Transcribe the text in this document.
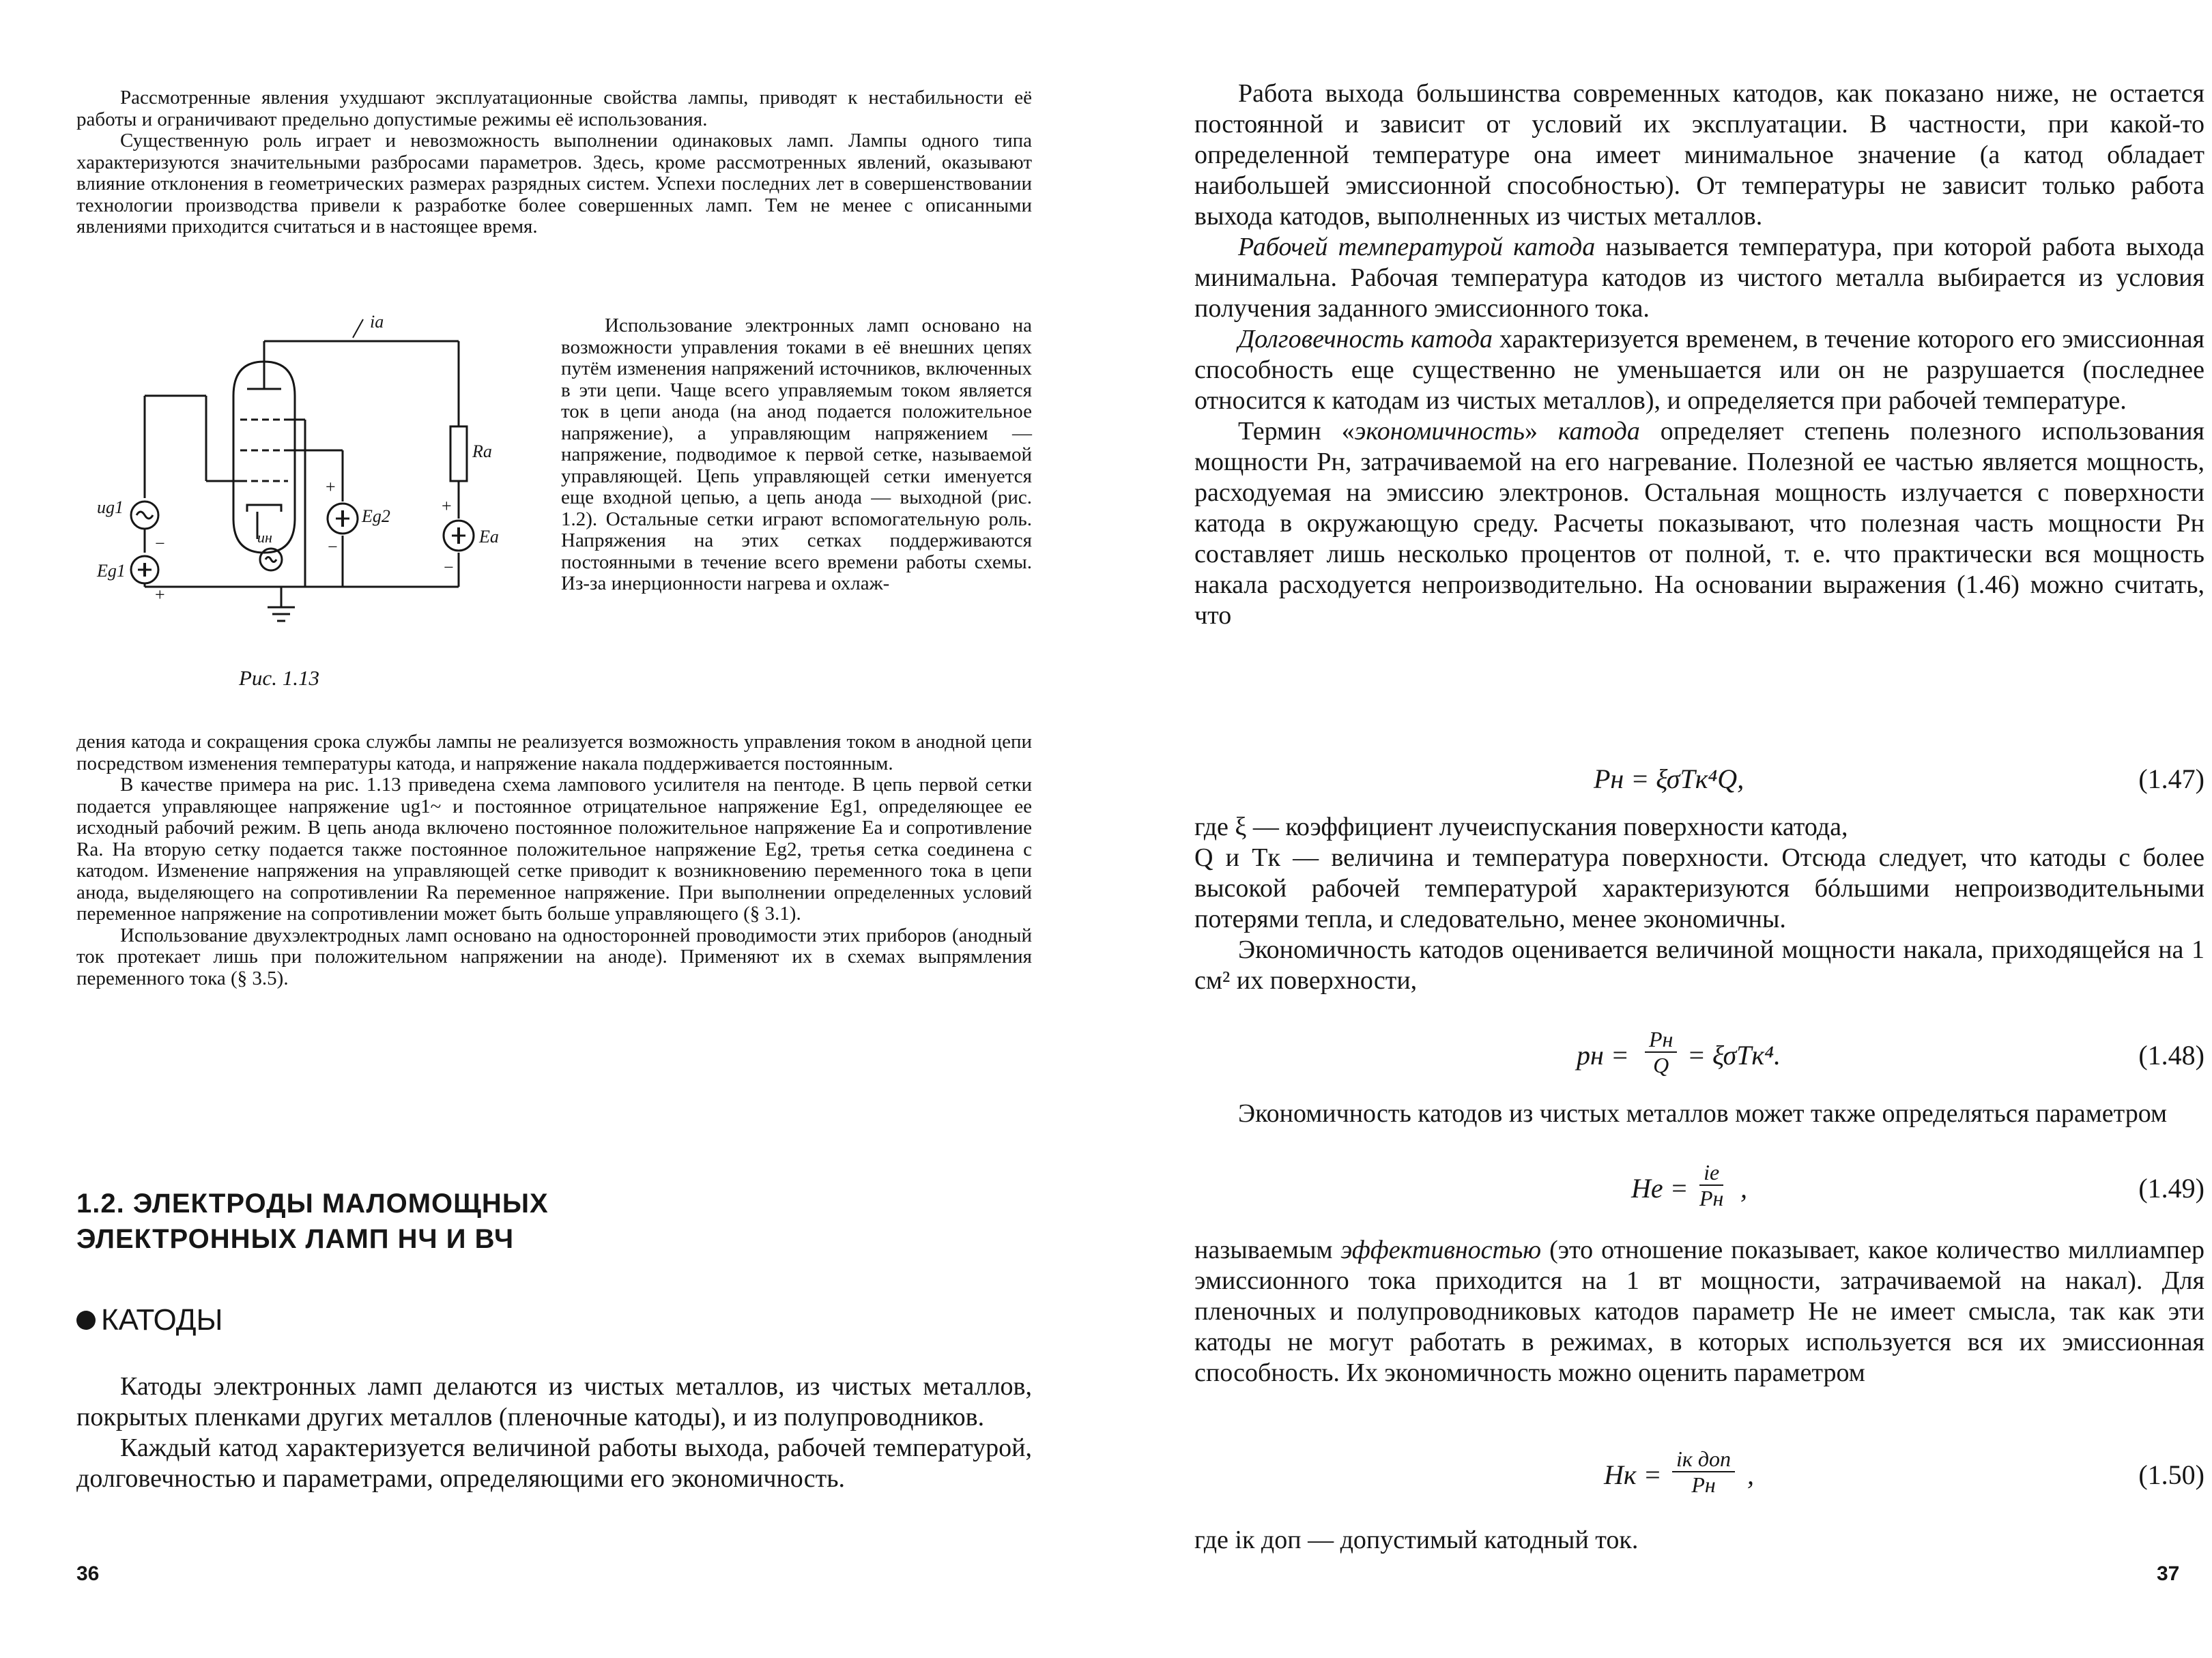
Рассмотренные явления ухудшают эксплуатационные свойства лампы, приводят к нестабильности её работы и ограничивают предельно допустимые режимы её использования.

Существенную роль играет и невозможность выполнении одинаковых ламп. Лампы одного типа характеризуются значительными разбросами параметров. Здесь, кроме рассмотренных явлений, оказывают влияние отклонения в геометрических размерах разрядных систем. Успехи последних лет в совершенствовании технологии производства привели к разработке более совершенных ламп. Тем не менее с описанными явлениями приходится считаться и в настоящее время.

iа
Rа
Eа
Eg2
ug1
Eg1
uн
+
−
+
−
−
+
Рис. 1.13

Использование электронных ламп основано на возможности управления токами в её внешних цепях путём изменения напряжений источников, включенных в эти цепи. Чаще всего управляемым током является ток в цепи анода (на анод подается положительное напряжение), а управляющим напряжением — напряжение, подводимое к первой сетке, называемой управляющей. Цепь управляющей сетки именуется еще входной цепью, а цепь анода — выходной (рис. 1.2). Остальные сетки играют вспомогательную роль. Напряжения на этих сетках поддерживаются постоянными в течение всего времени работы схемы. Из-за инерционности нагрева и охлаж-

дения катода и сокращения срока службы лампы не реализуется возможность управления током в анодной цепи посредством изменения температуры катода, и напряжение накала поддерживается постоянным.

В качестве примера на рис. 1.13 приведена схема лампового усилителя на пентоде. В цепь первой сетки подается управляющее напряжение ug1~ и постоянное отрицательное напряжение Eg1, определяющее ее исходный рабочий режим. В цепь анода включено постоянное положительное напряжение Eа и сопротивление Rа. На вторую сетку подается также постоянное положительное напряжение Eg2, третья сетка соединена с катодом. Изменение напряжения на управляющей сетке приводит к возникновению переменного тока в цепи анода, выделяющего на сопротивлении Rа переменное напряжение. При выполнении определенных условий переменное напряжение на сопротивлении может быть больше управляющего (§ 3.1).

Использование двухэлектродных ламп основано на односторонней проводимости этих приборов (анодный ток протекает лишь при положительном напряжении на аноде). Применяют их в схемах выпрямления переменного тока (§ 3.5).

1.2. ЭЛЕКТРОДЫ МАЛОМОЩНЫХ
ЭЛЕКТРОННЫХ ЛАМП НЧ И ВЧ
КАТОДЫ

Катоды электронных ламп делаются из чистых металлов, из чистых металлов, покрытых пленками других металлов (пленочные катоды), и из полупроводников.

Каждый катод характеризуется величиной работы выхода, рабочей температурой, долговечностью и параметрами, определяющими его экономичность.

36

Работа выхода большинства современных катодов, как показано ниже, не остается постоянной и зависит от условий их эксплуатации. В частности, при какой-то определенной температуре она имеет минимальное значение (а катод обладает наибольшей эмиссионной способностью). От температуры не зависит только работа выхода катодов, выполненных из чистых металлов.

Рабочей температурой катода называется температура, при которой работа выхода минимальна. Рабочая температура катодов из чистого металла выбирается из условия получения заданного эмиссионного тока.

Долговечность катода характеризуется временем, в течение которого его эмиссионная способность еще существенно не уменьшается или он не разрушается (последнее относится к катодам из чистых металлов), и определяется при рабочей температуре.

Термин «экономичность» катода определяет степень полезного использования мощности Pн, затрачиваемой на его нагревание. Полезной ее частью является мощность, расходуемая на эмиссию электронов. Остальная мощность излучается с поверхности катода в окружающую среду. Расчеты показывают, что полезная часть мощности Pн составляет лишь несколько процентов от полной, т. е. что практически вся мощность накала расходуется непроизводительно. На основании выражения (1.46) можно считать, что

Pн = ξσTк⁴Q,	(1.47)

где ξ — коэффициент лучеиспускания поверхности катода,

Q и Tк — величина и температура поверхности. Отсюда следует, что катоды с более высокой рабочей температурой характеризуются бóльшими непроизводительными потерями тепла, и следовательно, менее экономичны.

Экономичность катодов оценивается величиной мощности накала, приходящейся на 1 см² их поверхности,

pн = $\frac{Pн}{Q} = \xi\sigma Tк^4$.	(1.48)

Экономичность катодов из чистых металлов может также определяться параметром

Hе = $\frac{iе}{Pн}$ ,	(1.49)

называемым эффективностью (это отношение показывает, какое количество миллиампер эмиссионного тока приходится на 1 вт мощности, затрачиваемой на накал). Для пленочных и полупроводниковых катодов параметр Hе не имеет смысла, так как эти катоды не могут работать в режимах, в которых используется вся их эмиссионная способность. Их экономичность можно оценить параметром

Hк = $\frac{\text{iк доп}}{Pн}$ ,	(1.50)

где iк доп — допустимый катодный ток.

37
